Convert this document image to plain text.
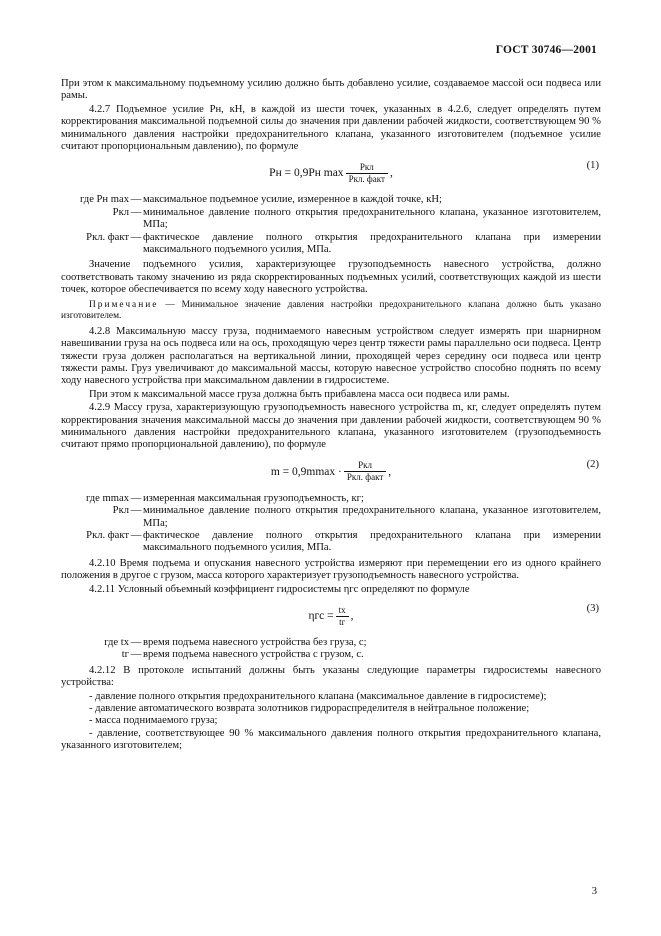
ГОСТ 30746—2001

При этом к максимальному подъемному усилию должно быть добавлено усилие, создаваемое массой оси подвеса или рамы.

4.2.7 Подъемное усилие Pн, кН, в каждой из шести точек, указанных в 4.2.6, следует определять путем корректирования максимальной подъемной силы до значения при давлении рабочей жидкости, соответствующем 90 % минимального давления настройки предохранительного клапана, указанного изготовителем (подъемное усилие считают пропорциональным давлению), по формуле

Pн = 0,9Pн $\max \frac{\text{Pкл}}{\text{Pкл. факт}}$ ,
(1)
где Pн max — максимальное подъемное усилие, измеренное в каждой точке, кН;
Pкл — минимальное давление полного открытия предохранительного клапана, указанное изготовителем, МПа;
Pкл. факт — фактическое давление полного открытия предохранительного клапана при измерении максимального подъемного усилия, МПа.

Значение подъемного усилия, характеризующее грузоподъемность навесного устройства, должно соответствовать такому значению из ряда скорректированных подъемных усилий, соответствующих каждой из шести точек, которое обеспечивается по всему ходу навесного устройства.

Примечание — Минимальное значение давления настройки предохранительного клапана должно быть указано изготовителем.

4.2.8 Максимальную массу груза, поднимаемого навесным устройством следует измерять при шарнирном навешивании груза на ось подвеса или на ось, проходящую через центр тяжести рамы параллельно оси подвеса. Центр тяжести груза должен располагаться на вертикальной линии, проходящей через середину оси подвеса или центр тяжести рамы. Груз увеличивают до максимальной массы, которую навесное устройство способно поднять по всему ходу навесного устройства при максимальном давлении в гидросистеме.

При этом к максимальной массе груза должна быть прибавлена масса оси подвеса или рамы.

4.2.9 Массу груза, характеризующую грузоподъемность навесного устройства m, кг, следует определять путем корректирования значения максимальной массы до значения при давлении рабочей жидкости, соответствующем 90 % минимального давления настройки предохранительного клапана, указанного изготовителем (грузоподъемность считают прямо пропорциональной давлению), по формуле

$m = 0,9mmax \cdot \frac{\text{Pкл}}{\text{Pкл. факт}}$ ,
(2)
где mmax — измеренная максимальная грузоподъемность, кг;
Pкл — минимальное давление полного открытия предохранительного клапана, указанное изготовителем, МПа;
Pкл. факт — фактическое давление полного открытия предохранительного клапана при измерении максимального подъемного усилия, МПа.

4.2.10 Время подъема и опускания навесного устройства измеряют при перемещении его из одного крайнего положения в другое с грузом, масса которого характеризует грузоподъемность навесного устройства.

4.2.11 Условный объемный коэффициент гидросистемы ηгс определяют по формуле

$\eta гс = \frac{tх}{tг}$ ,
(3)
где tх — время подъема навесного устройства без груза, с;
tг — время подъема навесного устройства с грузом, с.

4.2.12 В протоколе испытаний должны быть указаны следующие параметры гидросистемы навесного устройства:

- давление полного открытия предохранительного клапана (максимальное давление в гидросистеме);

- давление автоматического возврата золотников гидрораспределителя в нейтральное положение;

- масса поднимаемого груза;

- давление, соответствующее 90 % максимального давления полного открытия предохранительного клапана, указанного изготовителем;

3
